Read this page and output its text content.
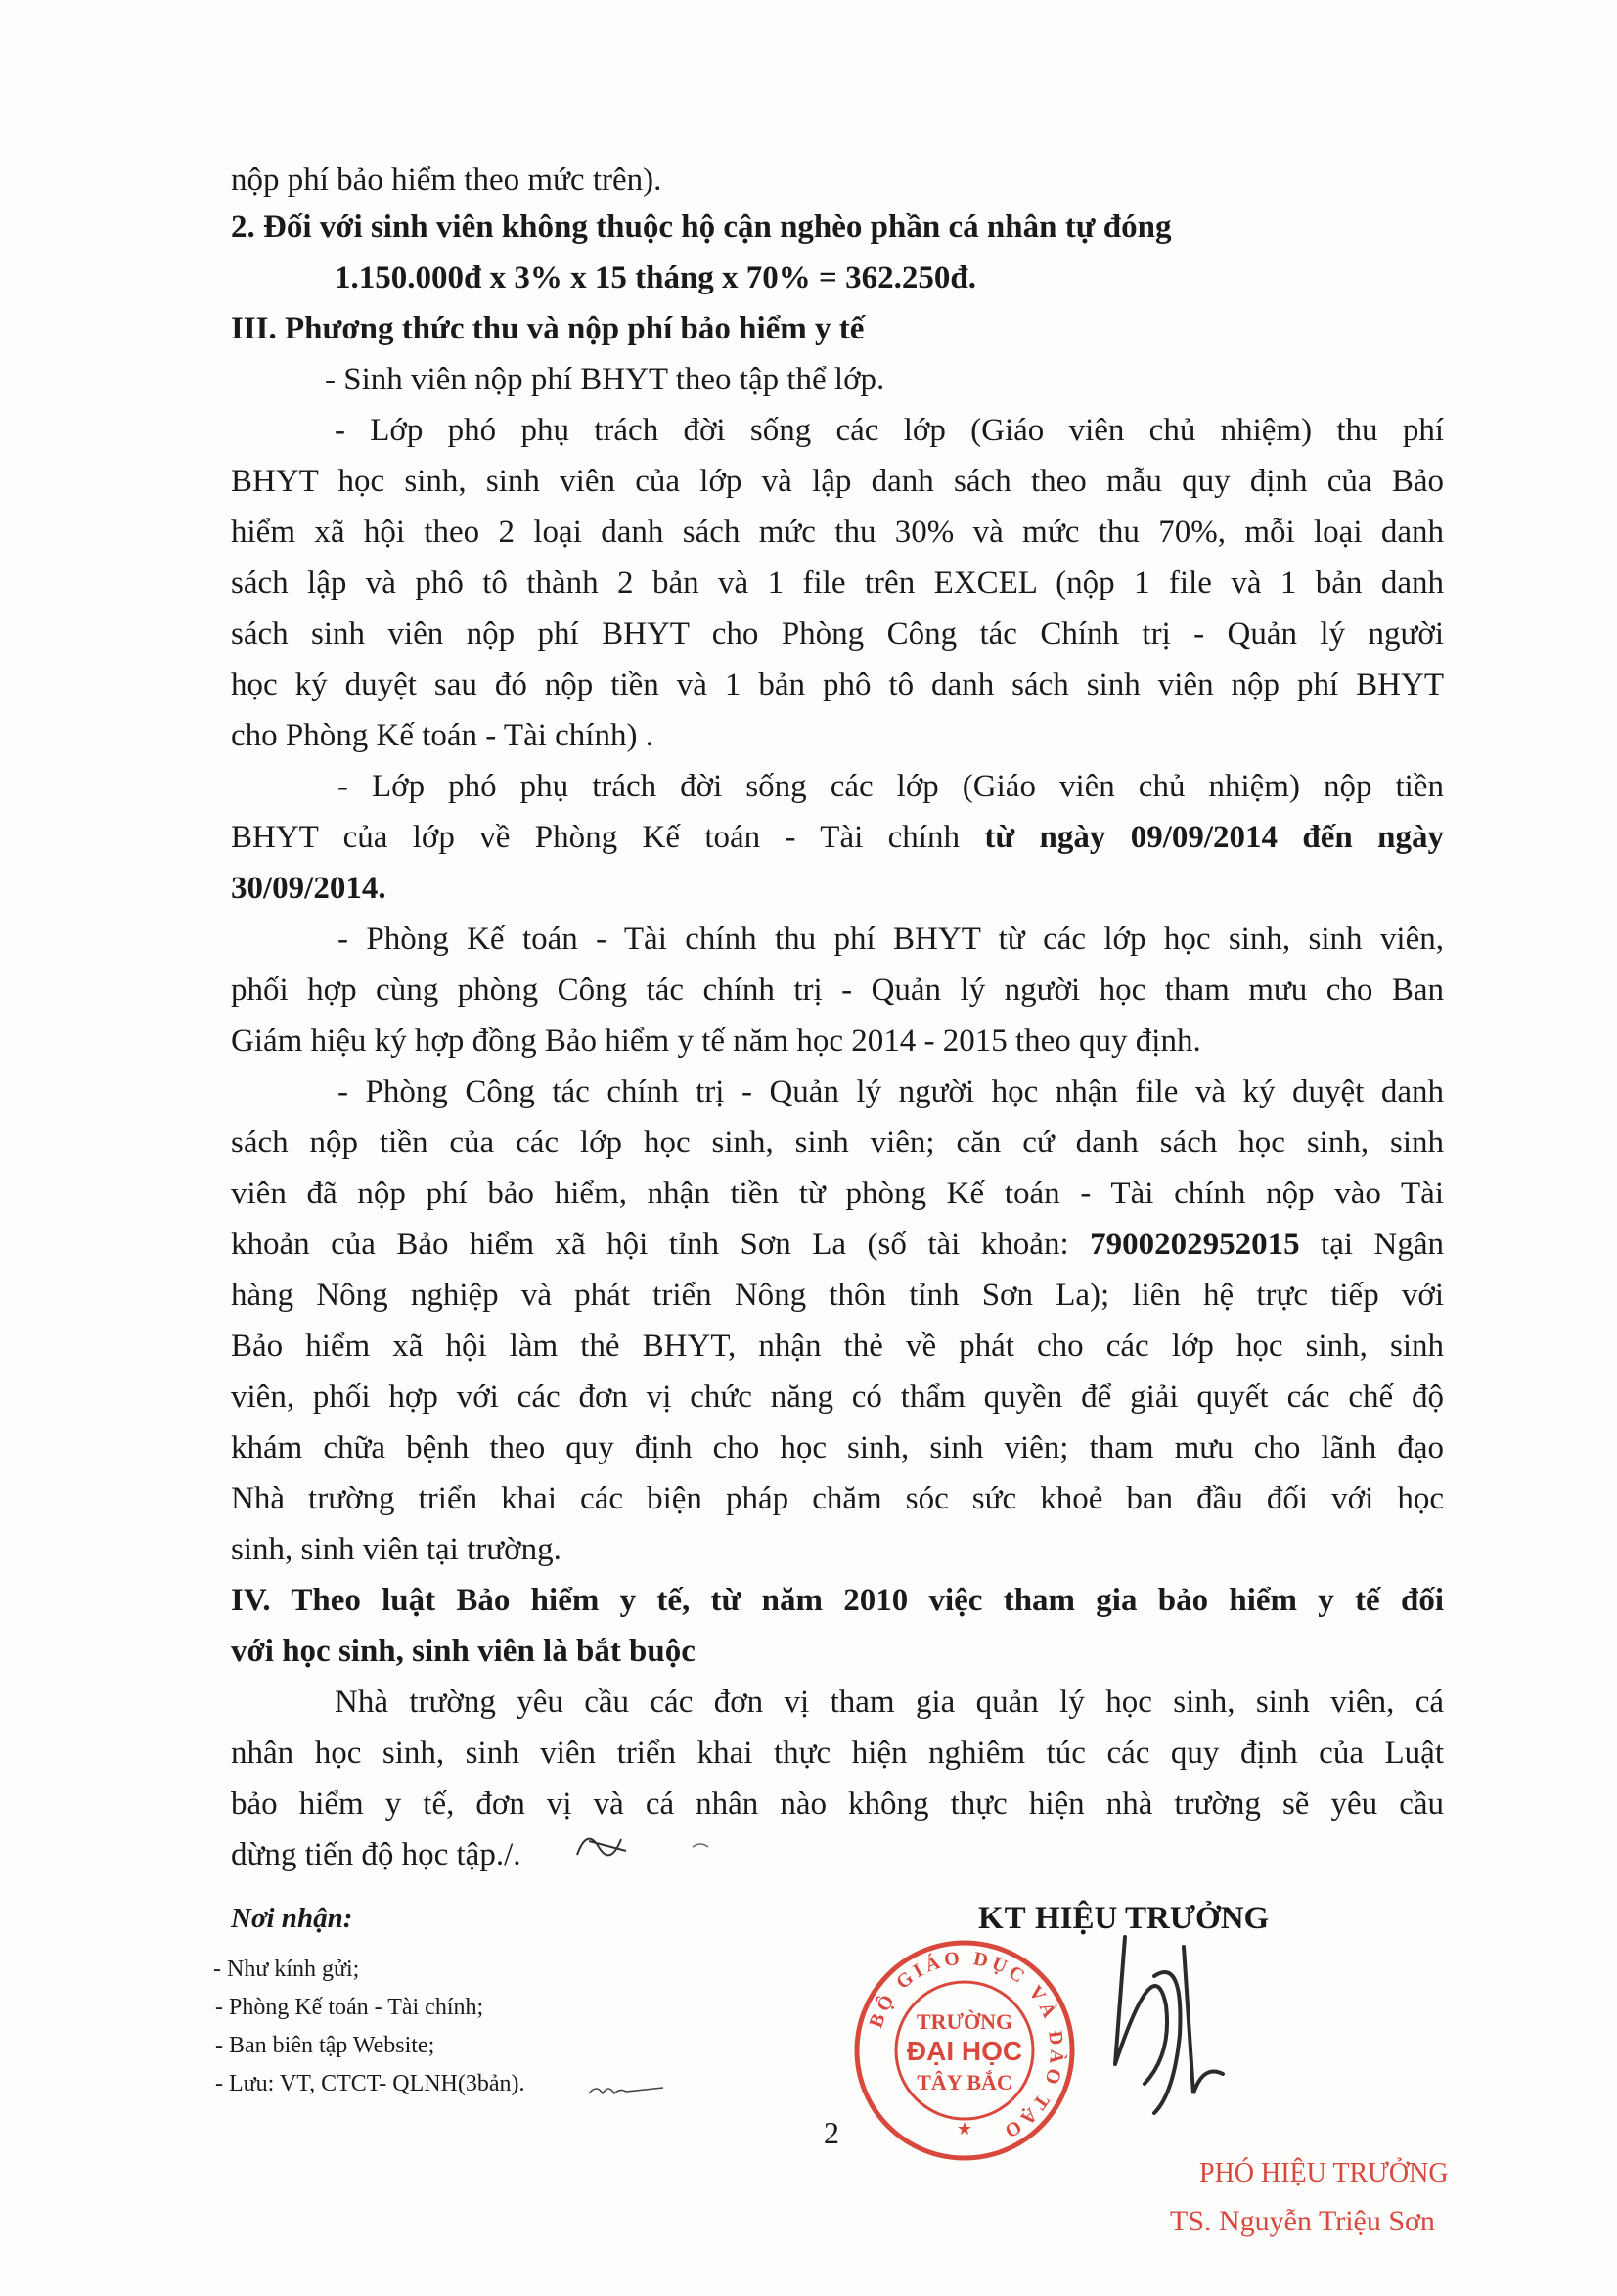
nộp phí bảo hiểm theo mức trên).
2. Đối với sinh viên không thuộc hộ cận nghèo phần cá nhân tự đóng
1.150.000đ x 3% x 15 tháng x 70% = 362.250đ.
III. Phương thức thu và nộp phí bảo hiểm y tế
- Sinh viên nộp phí BHYT theo tập thể lớp.
- Lớp phó phụ trách đời sống các lớp (Giáo viên chủ nhiệm) thu phí
BHYT học sinh, sinh viên của lớp và lập danh sách theo mẫu quy định của Bảo
hiểm xã hội theo 2 loại danh sách mức thu 30% và mức thu 70%, mỗi loại danh
sách lập và phô tô thành 2 bản và 1 file trên EXCEL (nộp 1 file và 1 bản danh
sách sinh viên nộp phí BHYT cho Phòng Công tác Chính trị - Quản lý người
học ký duyệt sau đó nộp tiền và 1 bản phô tô danh sách sinh viên nộp phí BHYT
cho Phòng Kế toán - Tài chính) .
- Lớp phó phụ trách đời sống các lớp (Giáo viên chủ nhiệm) nộp tiền
30/09/2014.
- Phòng Kế toán - Tài chính thu phí BHYT từ các lớp học sinh, sinh viên,
phối hợp cùng phòng Công tác chính trị - Quản lý người học tham mưu cho Ban
Giám hiệu ký hợp đồng Bảo hiểm y tế năm học 2014 - 2015 theo quy định.
- Phòng Công tác chính trị - Quản lý người học nhận file và ký duyệt danh
sách nộp tiền của các lớp học sinh, sinh viên; căn cứ danh sách học sinh, sinh
viên đã nộp phí bảo hiểm, nhận tiền từ phòng Kế toán - Tài chính nộp vào Tài
hàng Nông nghiệp và phát triển Nông thôn tỉnh Sơn La); liên hệ trực tiếp với
Bảo hiểm xã hội làm thẻ BHYT, nhận thẻ về phát cho các lớp học sinh, sinh
viên, phối hợp với các đơn vị chức năng có thẩm quyền để giải quyết các chế độ
khám chữa bệnh theo quy định cho học sinh, sinh viên; tham mưu cho lãnh đạo
Nhà trường triển khai các biện pháp chăm sóc sức khoẻ ban đầu đối với học
sinh, sinh viên tại trường.
IV. Theo luật Bảo hiểm y tế, từ năm 2010 việc tham gia bảo hiểm y tế đối
với học sinh, sinh viên là bắt buộc
Nhà trường yêu cầu các đơn vị tham gia quản lý học sinh, sinh viên, cá
nhân học sinh, sinh viên triển khai thực hiện nghiêm túc các quy định của Luật
bảo hiểm y tế, đơn vị và cá nhân nào không thực hiện nhà trường sẽ yêu cầu
dừng tiến độ học tập./.
BHYT của lớp về Phòng Kế toán - Tài chính từ ngày 09/09/2014 đến ngày
khoản của Bảo hiểm xã hội tỉnh Sơn La (số tài khoản: 7900202952015 tại Ngân
Nơi nhận:
- Như kính gửi;
- Phòng Kế toán - Tài chính;
- Ban biên tập Website;
- Lưu: VT, CTCT- QLNH(3bản).
KT HIỆU TRƯỞNG
BỘ GIÁO DỤC VÀ ĐÀO TẠO
TRƯỜNG
ĐẠI HỌC
TÂY BẮC
★
2
PHÓ HIỆU TRƯỞNG
TS. Nguyễn Triệu Sơn
